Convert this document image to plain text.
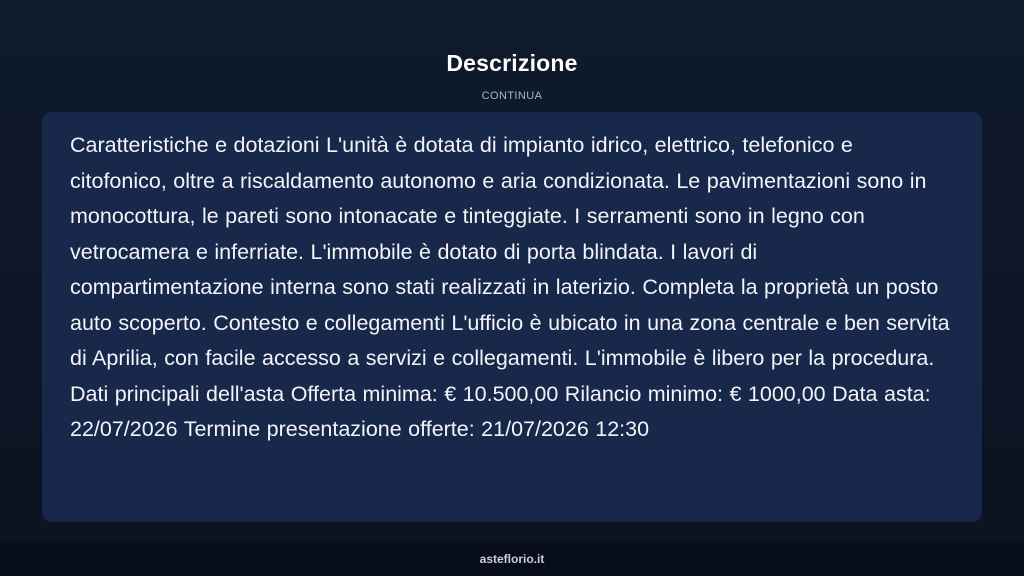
Descrizione
CONTINUA

Caratteristiche e dotazioni L'unità è dotata di impianto idrico, elettrico, telefonico e citofonico, oltre a riscaldamento autonomo e aria condizionata. Le pavimentazioni sono in monocottura, le pareti sono intonacate e tinteggiate. I serramenti sono in legno con vetrocamera e inferriate. L'immobile è dotato di porta blindata. I lavori di compartimentazione interna sono stati realizzati in laterizio. Completa la proprietà un posto auto scoperto. Contesto e collegamenti L'ufficio è ubicato in una zona centrale e ben servita di Aprilia, con facile accesso a servizi e collegamenti. L'immobile è libero per la procedura. Dati principali dell'asta Offerta minima: € 10.500,00 Rilancio minimo: € 1000,00 Data asta: 22/07/2026 Termine presentazione offerte: 21/07/2026 12:30

asteflorio.it
